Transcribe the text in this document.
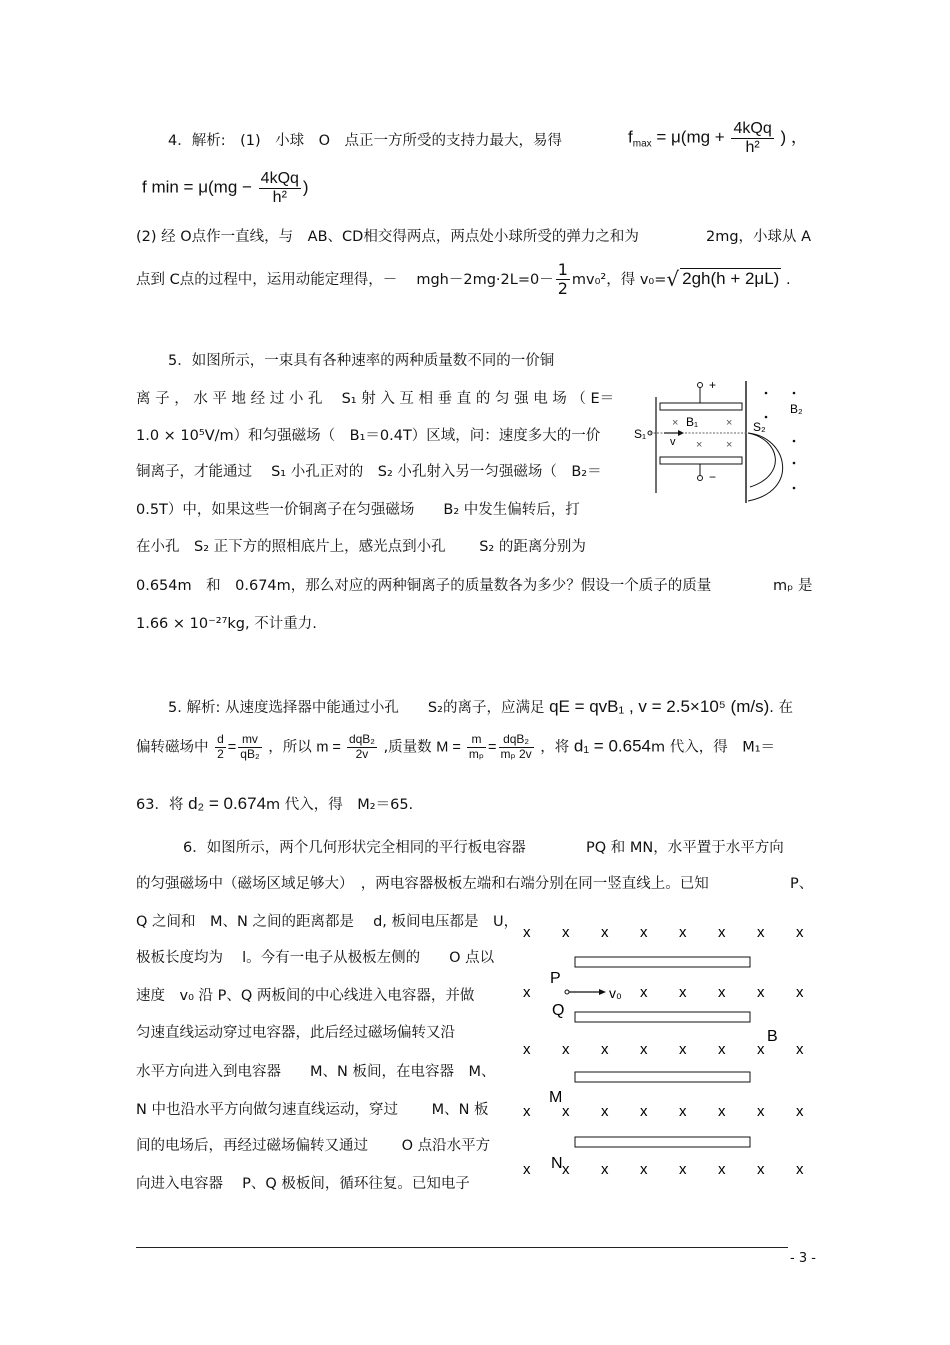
4．解析:　(1)　小球　O　点正一方所受的支持力最大，易得	$f_{max} = \mu(mg + \frac{\text{4kQq}}{\text{h²}}$ ) ，
f $\min = \mu(mg - \frac{\text{4kQq}}{\text{h²}}$ )
(2) 经 O点作一直线，与　AB、CD相交得两点，两点处小球所受的弹力之和为	2mg，小球从 A
点到 C点的过程中，运用动能定理得，－　 $mgh-2mg\cdot 2L=0- \frac{1}{2} mv_0^2$，得 v₀=√ 2gh(h + 2μL) .
5．如图所示，一束具有各种速率的两种质量数不同的一价铜
离 子 ， 水 平 地 经 过 小 孔 　S₁ 射 入 互 相 垂 直 的 匀 强 电 场 （ E＝
1.0 × 10⁵V/m）和匀强磁场（　B₁＝0.4T）区域，问：速度多大的一价
铜离子，才能通过　 S₁ 小孔正对的　S₂ 小孔射入另一匀强磁场（　B₂＝
0.5T）中，如果这些一价铜离子在匀强磁场　　B₂ 中发生偏转后，打
在小孔　S₂ 正下方的照相底片上，感光点到小孔　　 S₂ 的距离分别为
0.654m　和　0.674m，那么对应的两种铜离子的质量数各为多少？假设一个质子的质量	mₚ 是
1.66 × 10⁻²⁷kg, 不计重力.
+
−
× B₁	×
× ×
S₁
v
S₂
B₂
5. 解析: 从速度选择器中能通过小孔　　S₂的离子，应满足 qE = qvB₁ , v = 2.5×10⁵ (m/s). 在
偏转磁场中 $\frac{d}{2} = \frac{mv}{\text{qB₂}}$ ，所以 $m = \frac{\text{dqB₂}}{2v}$ ,质量数 $M = \frac{m}{\text{mₚ}} = \frac{\text{dqB₂}}{\text{mₚ 2v}}$ ，将 d₁ = 0.654m 代入，得　M₁＝
63．将 d₂ = 0.674m 代入，得　M₂＝65.
6．如图所示，两个几何形状完全相同的平行板电容器	PQ 和 MN，水平置于水平方向
的匀强磁场中（磁场区域足够大）　，两电容器极板左端和右端分别在同一竖直线上。已知	P、
Q 之间和　M、N 之间的距离都是　 d, 板间电压都是　U，
极板长度均为　 l。今有一电子从极板左侧的　　O 点以
速度　v₀ 沿 P、Q 两板间的中心线进入电容器，并做
匀速直线运动穿过电容器，此后经过磁场偏转又沿
水平方向进入到电容器　　M、N 板间，在电容器　M、
N 中也沿水平方向做匀速直线运动，穿过　　 M、N 板
间的电场后，再经过磁场偏转又通过　　 O 点沿水平方
向进入电容器　 P、Q 极板间，循环往复。已知电子
P
Q
M
N
B
v₀
x x x x x x x x
x	x x x x x
x x x x x x x x
x x x x x x x
x x x x x x x
x
x
- 3 -
